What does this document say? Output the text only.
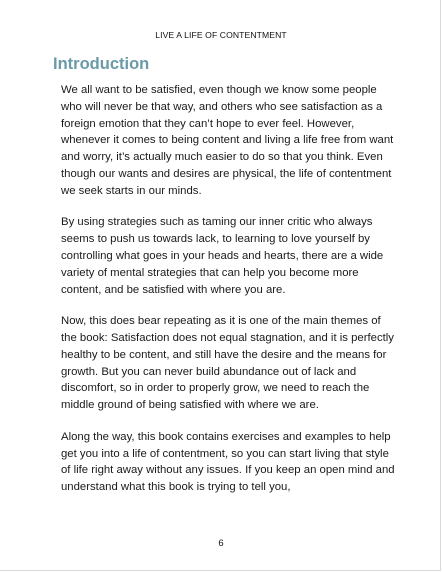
LIVE A LIFE OF CONTENTMENT
Introduction

We all want to be satisfied, even though we know some people who will never be that way, and others who see satisfaction as a foreign emotion that they can’t hope to ever feel. However, whenever it comes to being content and living a life free from want and worry, it’s actually much easier to do so that you think. Even though our wants and desires are physical, the life of contentment we seek starts in our minds.

By using strategies such as taming our inner critic who always seems to push us towards lack, to learning to love yourself by controlling what goes in your heads and hearts, there are a wide variety of mental strategies that can help you become more content, and be satisfied with where you are.

Now, this does bear repeating as it is one of the main themes of the book: Satisfaction does not equal stagnation, and it is perfectly healthy to be content, and still have the desire and the means for growth. But you can never build abundance out of lack and discomfort, so in order to properly grow, we need to reach the middle ground of being satisfied with where we are.

Along the way, this book contains exercises and examples to help get you into a life of contentment, so you can start living that style of life right away without any issues. If you keep an open mind and understand what this book is trying to tell you,

6
